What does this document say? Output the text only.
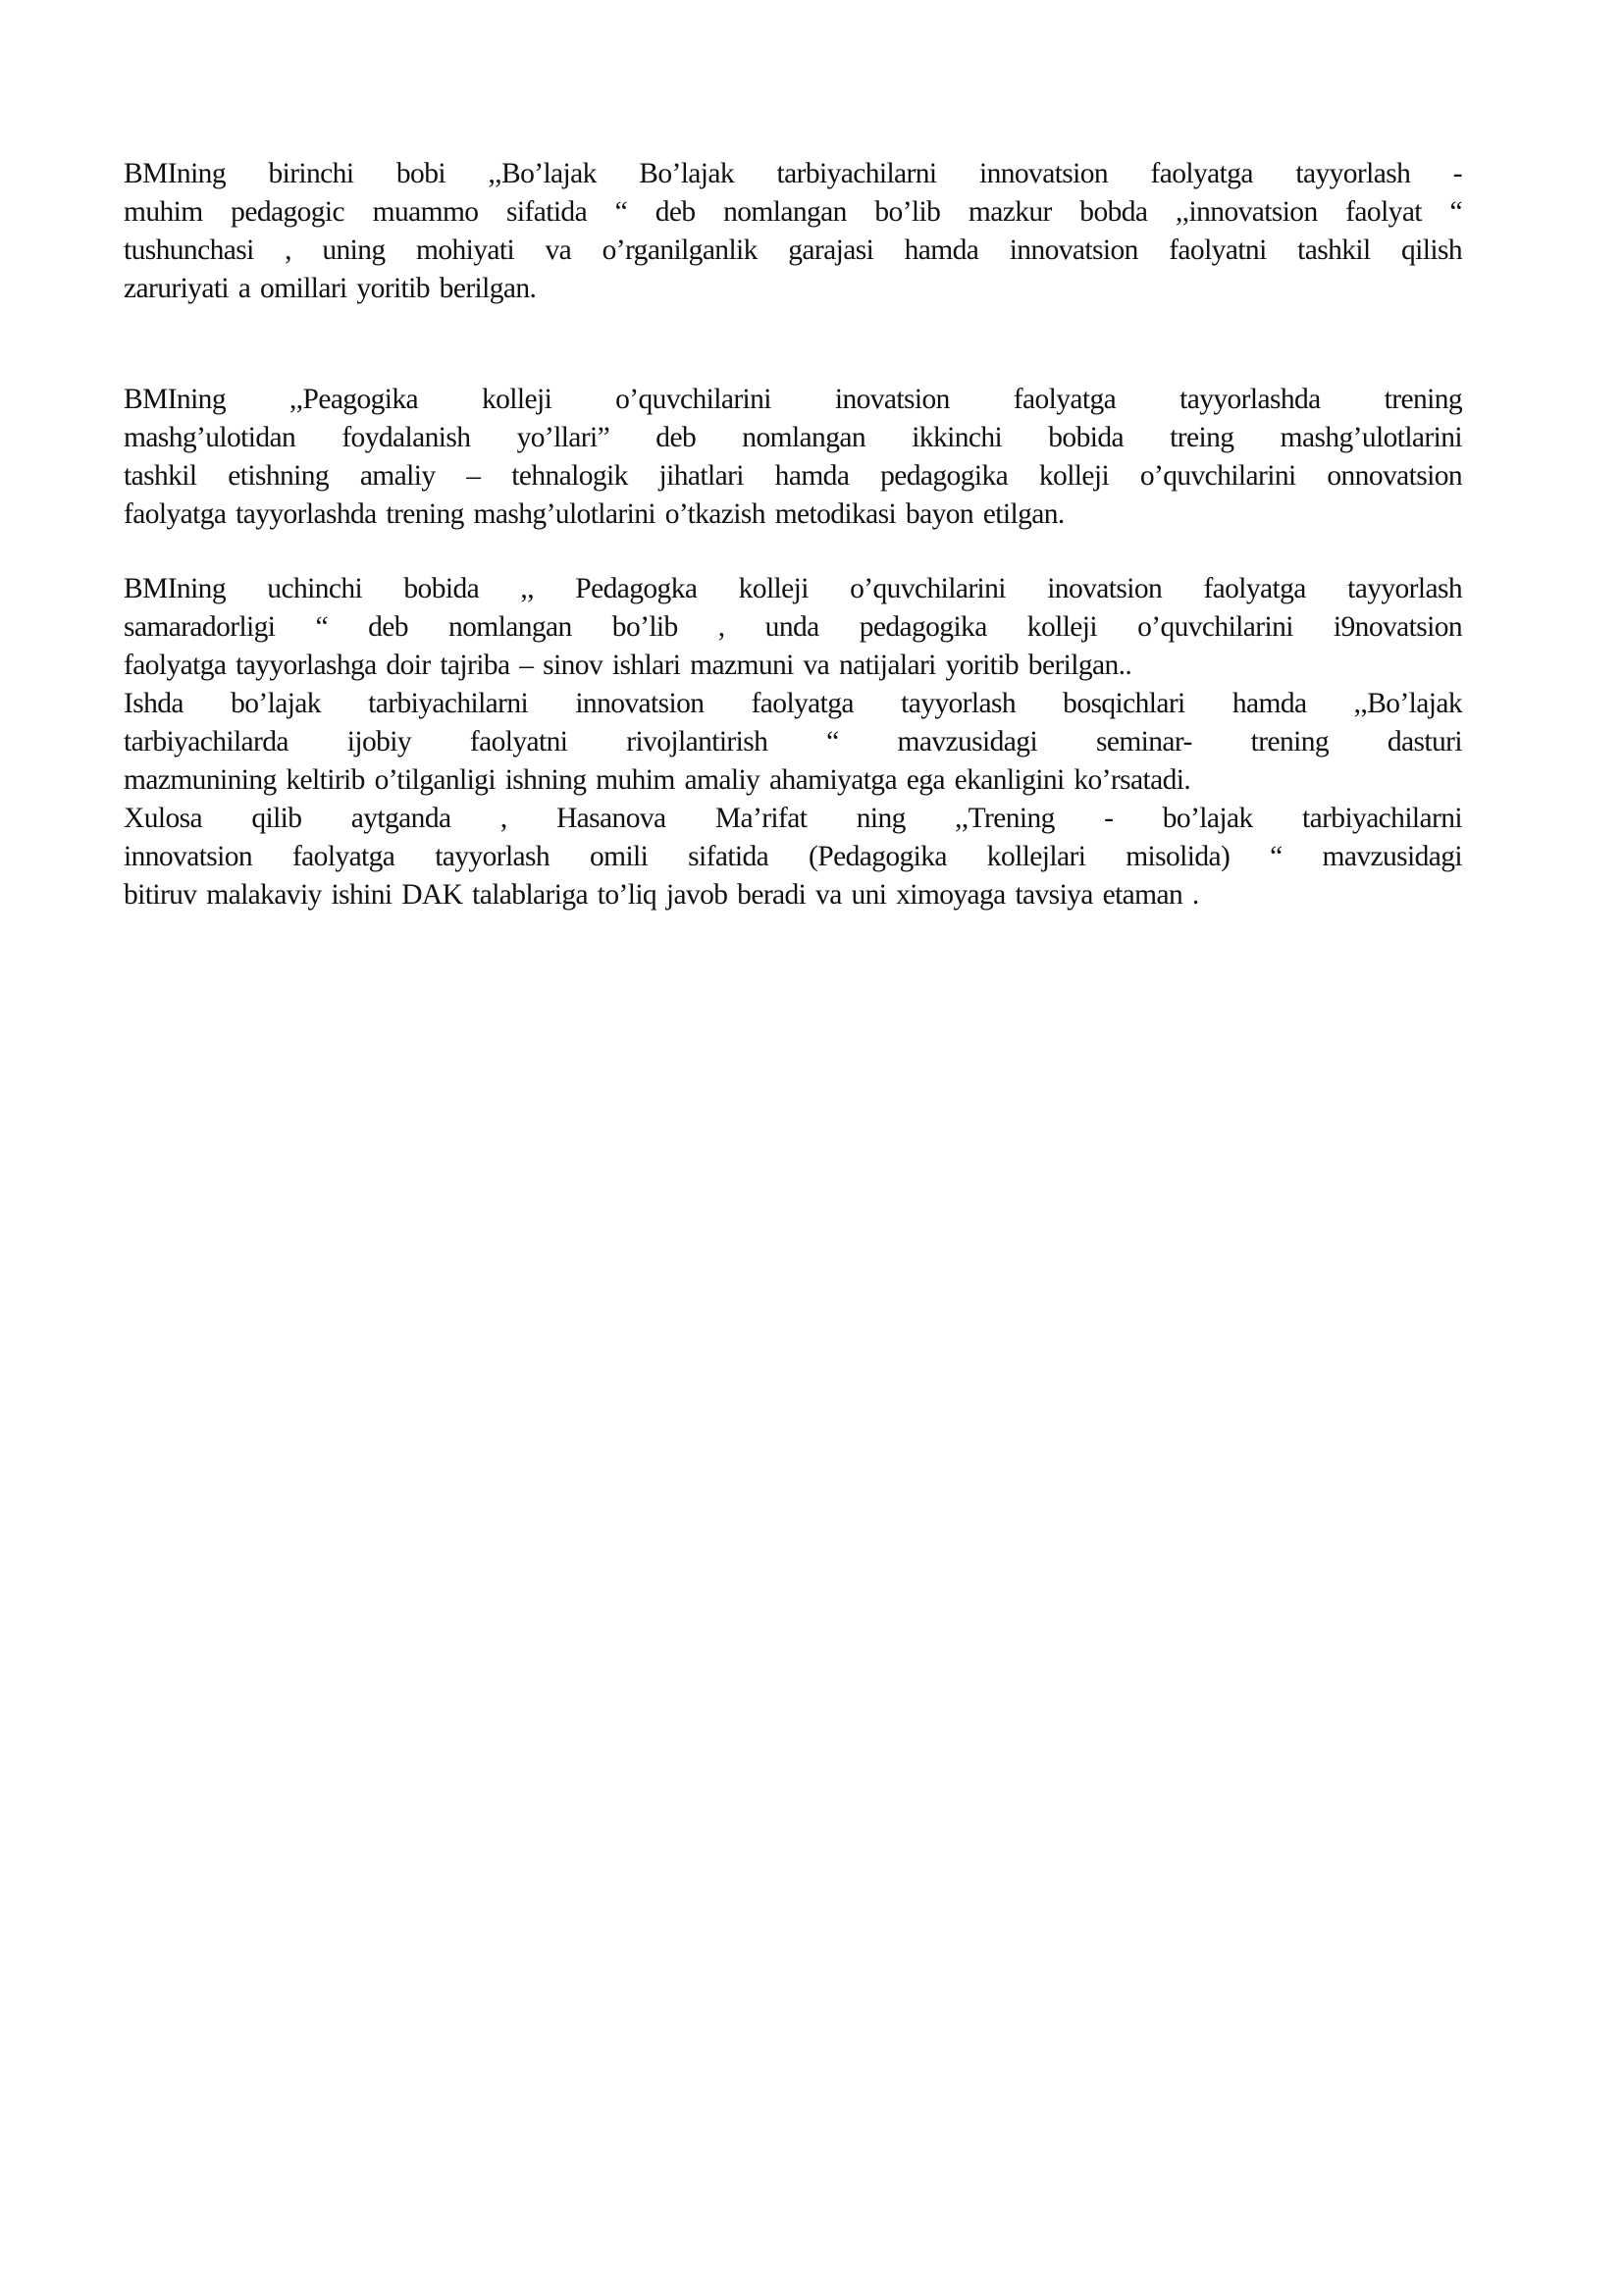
BMIning birinchi bobi ,,Bo’lajak Bo’lajak tarbiyachilarni innovatsion faolyatga tayyorlash -
muhim pedagogic muammo sifatida “ deb nomlangan bo’lib mazkur bobda ,,innovatsion faolyat “
tushunchasi , uning mohiyati va o’rganilganlik garajasi hamda innovatsion faolyatni tashkil qilish
zaruriyati a omillari yoritib berilgan.
BMIning ,,Peagogika kolleji o’quvchilarini inovatsion faolyatga tayyorlashda trening
mashg’ulotidan foydalanish yo’llari” deb nomlangan ikkinchi bobida treing mashg’ulotlarini
tashkil etishning amaliy – tehnalogik jihatlari hamda pedagogika kolleji o’quvchilarini onnovatsion
faolyatga tayyorlashda trening mashg’ulotlarini o’tkazish metodikasi bayon etilgan.
BMIning uchinchi bobida ,, Pedagogka kolleji o’quvchilarini inovatsion faolyatga tayyorlash
samaradorligi “ deb nomlangan bo’lib , unda pedagogika kolleji o’quvchilarini i9novatsion
faolyatga tayyorlashga doir tajriba – sinov ishlari mazmuni va natijalari yoritib berilgan..
Ishda bo’lajak tarbiyachilarni innovatsion faolyatga tayyorlash bosqichlari hamda ,,Bo’lajak
tarbiyachilarda ijobiy faolyatni rivojlantirish “ mavzusidagi seminar- trening dasturi
mazmunining keltirib o’tilganligi ishning muhim amaliy ahamiyatga ega ekanligini ko’rsatadi.
Xulosa qilib aytganda , Hasanova Ma’rifat ning ,,Trening - bo’lajak tarbiyachilarni
innovatsion faolyatga tayyorlash omili sifatida (Pedagogika kollejlari misolida) “ mavzusidagi
bitiruv malakaviy ishini DAK talablariga to’liq javob beradi va uni ximoyaga tavsiya etaman .
